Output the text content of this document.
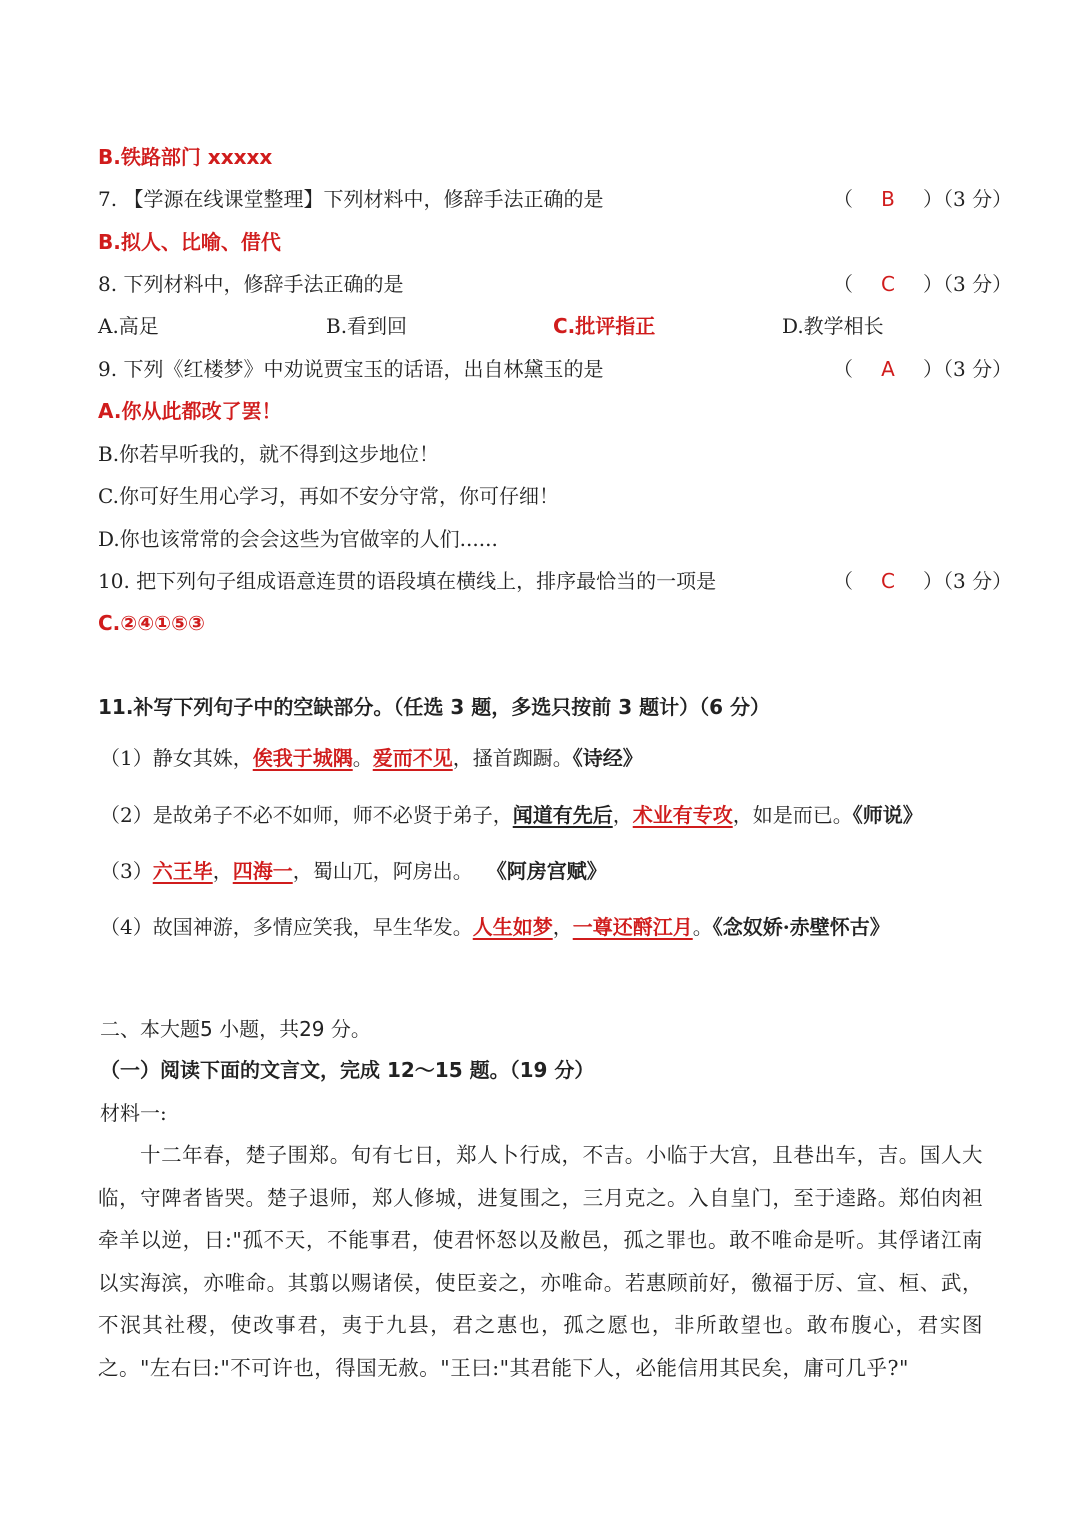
B.铁路部门 xxxxx
7. 【学源在线课堂整理】下列材料中，修辞手法正确的是	（ B ）（3 分）
B.拟人、比喻、借代
8. 下列材料中，修辞手法正确的是	（ C ）（3 分）
A.高足	B.看到回	C.批评指正	D.教学相长
9. 下列《红楼梦》中劝说贾宝玉的话语，出自林黛玉的是	（ A ）（3 分）
A.你从此都改了罢！
B.你若早听我的，就不得到这步地位！
C.你可好生用心学习，再如不安分守常，你可仔细！
D.你也该常常的会会这些为官做宰的人们......
10. 把下列句子组成语意连贯的语段填在横线上，排序最恰当的一项是	（ C ）（3 分）
C.②④①⑤③
11.补写下列句子中的空缺部分。（任选 3 题，多选只按前 3 题计）（6 分）
（1）静女其姝，俟我于城隅。爱而不见，搔首踟蹰。《诗经》
（2）是故弟子不必不如师，师不必贤于弟子，闻道有先后，术业有专攻，如是而已。《师说》
（3）六王毕，四海一，蜀山兀，阿房出。 《阿房宫赋》
（4）故国神游，多情应笑我，早生华发。人生如梦，一尊还酹江月。《念奴娇·赤壁怀古》
二、本大题5 小题，共29 分。
（一）阅读下面的文言文，完成 12～15 题。（19 分）
材料一:
十二年春，楚子围郑。旬有七日，郑人卜行成，不吉。小临于大宫，且巷出车，吉。国人大临，守陴者皆哭。楚子退师，郑人修城，进复围之，三月克之。入自皇门，至于逵路。郑伯肉袒牵羊以逆，日:"孤不天，不能事君，使君怀怒以及敝邑，孤之罪也。敢不唯命是听。其俘诸江南以实海滨，亦唯命。其翦以赐诸侯，使臣妾之，亦唯命。若惠顾前好，徼福于厉、宣、桓、武，不泯其社稷，使改事君，夷于九县，君之惠也，孤之愿也，非所敢望也。敢布腹心，君实图之。"左右曰:"不可许也，得国无赦。"王曰:"其君能下人，必能信用其民矣，庸可几乎?"
